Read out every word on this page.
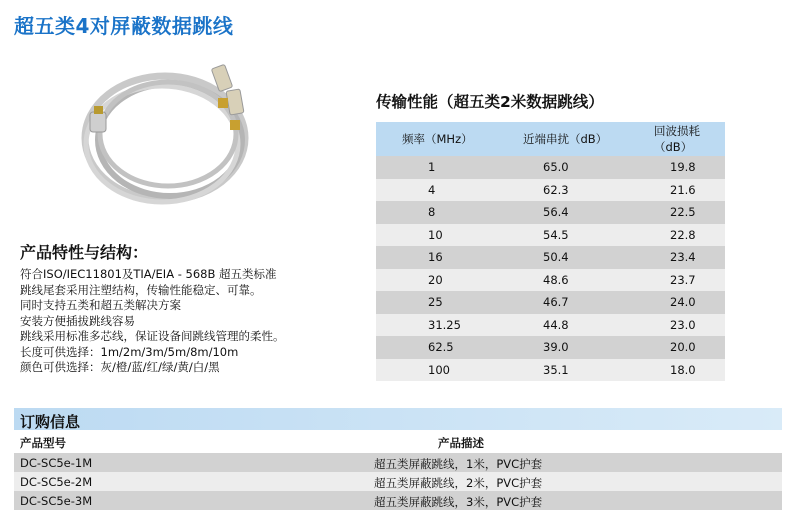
超五类4对屏蔽数据跳线
产品特性与结构：
符合ISO/IEC11801及TIA/EIA - 568B 超五类标准
跳线尾套采用注塑结构，传输性能稳定、可靠。
同时支持五类和超五类解决方案
安装方便插拔跳线容易
跳线采用标准多芯线，保证设备间跳线管理的柔性。
长度可供选择：1m/2m/3m/5m/8m/10m
颜色可供选择：灰/橙/蓝/红/绿/黄/白/黑
传输性能（超五类2米数据跳线）
频率（MHz）	近端串扰（dB）	回波损耗（dB）
1	65.0	19.8
4	62.3	21.6
8	56.4	22.5
10	54.5	22.8
16	50.4	23.4
20	48.6	23.7
25	46.7	24.0
31.25	44.8	23.0
62.5	39.0	20.0
100	35.1	18.0
订购信息
产品型号	产品描述
DC-SC5e-1M	超五类屏蔽跳线，1米，PVC护套
DC-SC5e-2M	超五类屏蔽跳线，2米，PVC护套
DC-SC5e-3M	超五类屏蔽跳线，3米，PVC护套
